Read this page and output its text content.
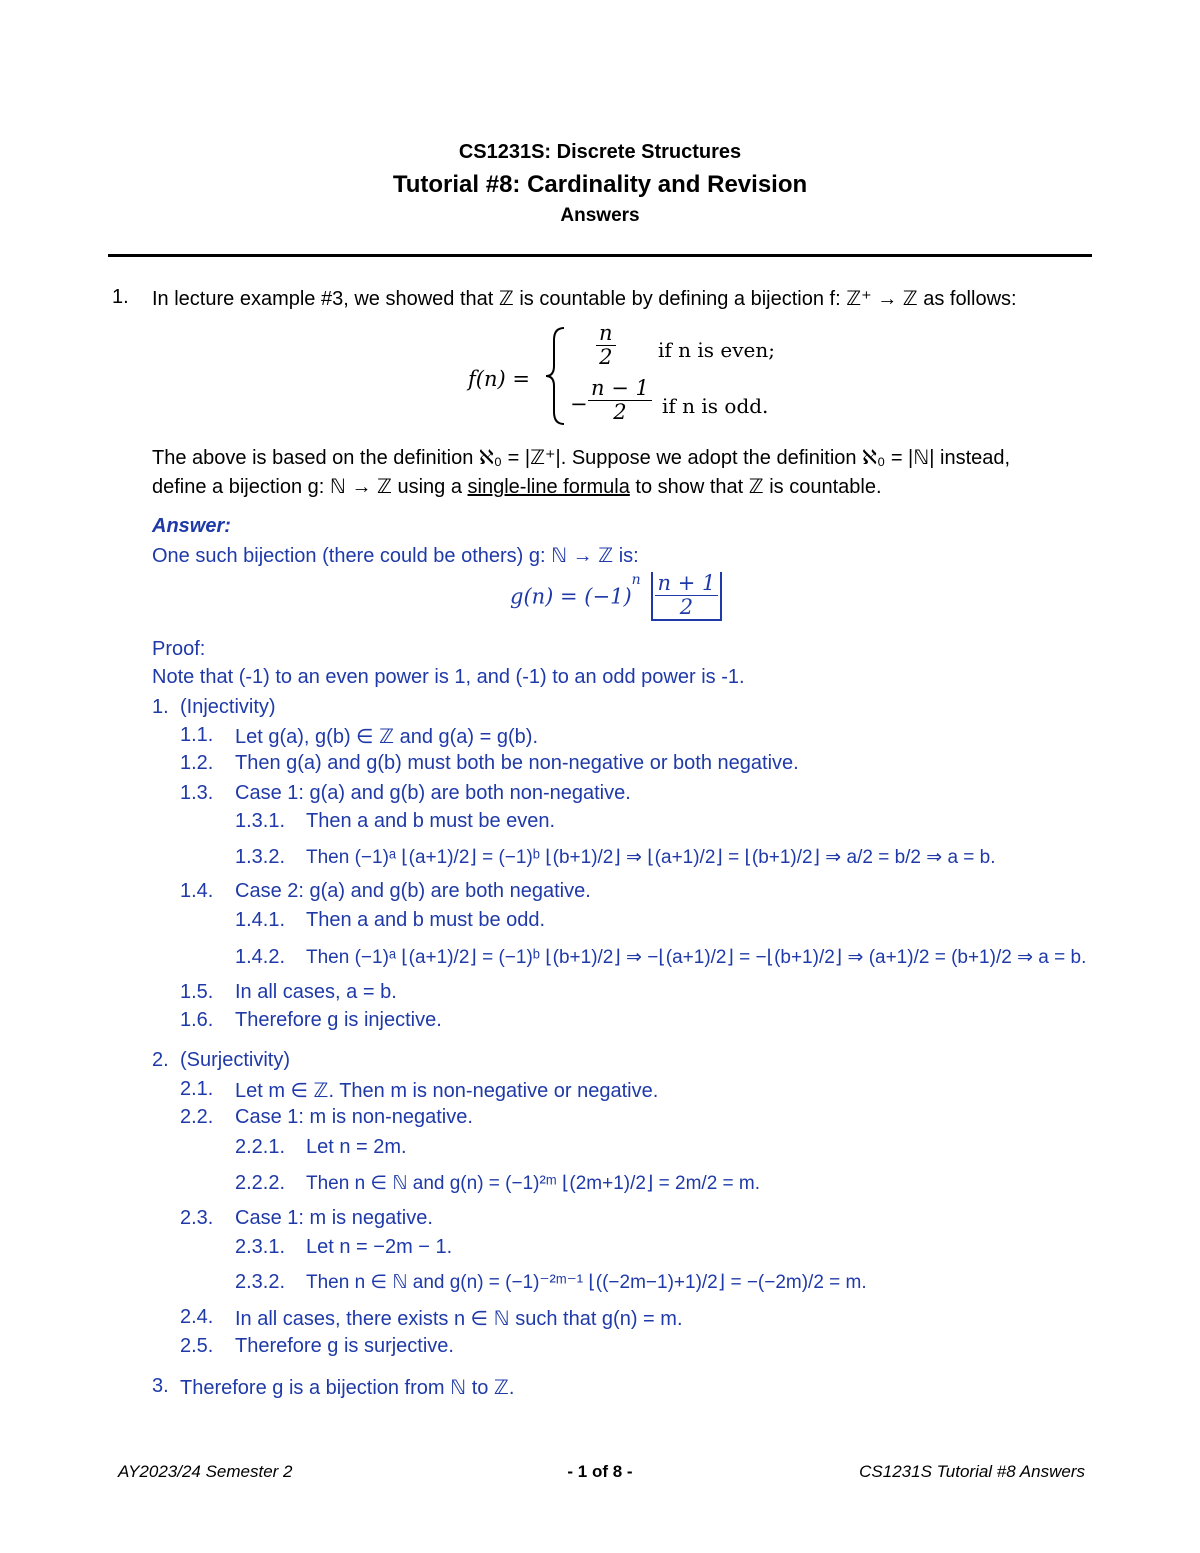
CS1231S: Discrete Structures
Tutorial #8: Cardinality and Revision
Answers
1. In lecture example #3, we showed that ℤ is countable by defining a bijection f: ℤ⁺ → ℤ as follows:
f(n) =
$\frac{n}{2}$ if n is even;
− $\frac{n - 1}{2}$ if n is odd.
The above is based on the definition ℵ₀ = |ℤ⁺|. Suppose we adopt the definition ℵ₀ = |ℕ| instead,
define a bijection g: ℕ → ℤ using a single-line formula to show that ℤ is countable.
Answer:
One such bijection (there could be others) g: ℕ → ℤ is:
$g(n) = (-1)^n \frac{n + 1}{2}$
Proof:
Note that (-1) to an even power is 1, and (-1) to an odd power is -1.
1. (Injectivity)
1.1. Let g(a), g(b) ∈ ℤ and g(a) = g(b).
1.2. Then g(a) and g(b) must both be non-negative or both negative.
1.3. Case 1: g(a) and g(b) are both non-negative.
1.3.1. Then a and b must be even.
1.3.2. Then (−1)ᵃ ⌊(a+1)/2⌋ = (−1)ᵇ ⌊(b+1)/2⌋ ⇒ ⌊(a+1)/2⌋ = ⌊(b+1)/2⌋ ⇒ a/2 = b/2 ⇒ a = b.
1.4. Case 2: g(a) and g(b) are both negative.
1.4.1. Then a and b must be odd.
1.4.2. Then (−1)ᵃ ⌊(a+1)/2⌋ = (−1)ᵇ ⌊(b+1)/2⌋ ⇒ −⌊(a+1)/2⌋ = −⌊(b+1)/2⌋ ⇒ (a+1)/2 = (b+1)/2 ⇒ a = b.
1.5. In all cases, a = b.
1.6. Therefore g is injective.
2. (Surjectivity)
2.1. Let m ∈ ℤ. Then m is non-negative or negative.
2.2. Case 1: m is non-negative.
2.2.1. Let n = 2m.
2.2.2. Then n ∈ ℕ and g(n) = (−1)²ᵐ ⌊(2m+1)/2⌋ = 2m/2 = m.
2.3. Case 1: m is negative.
2.3.1. Let n = −2m − 1.
2.3.2. Then n ∈ ℕ and g(n) = (−1)⁻²ᵐ⁻¹ ⌊((−2m−1)+1)/2⌋ = −(−2m)/2 = m.
2.4. In all cases, there exists n ∈ ℕ such that g(n) = m.
2.5. Therefore g is surjective.
3. Therefore g is a bijection from ℕ to ℤ.
AY2023/24 Semester 2	- 1 of 8 -	CS1231S Tutorial #8 Answers
